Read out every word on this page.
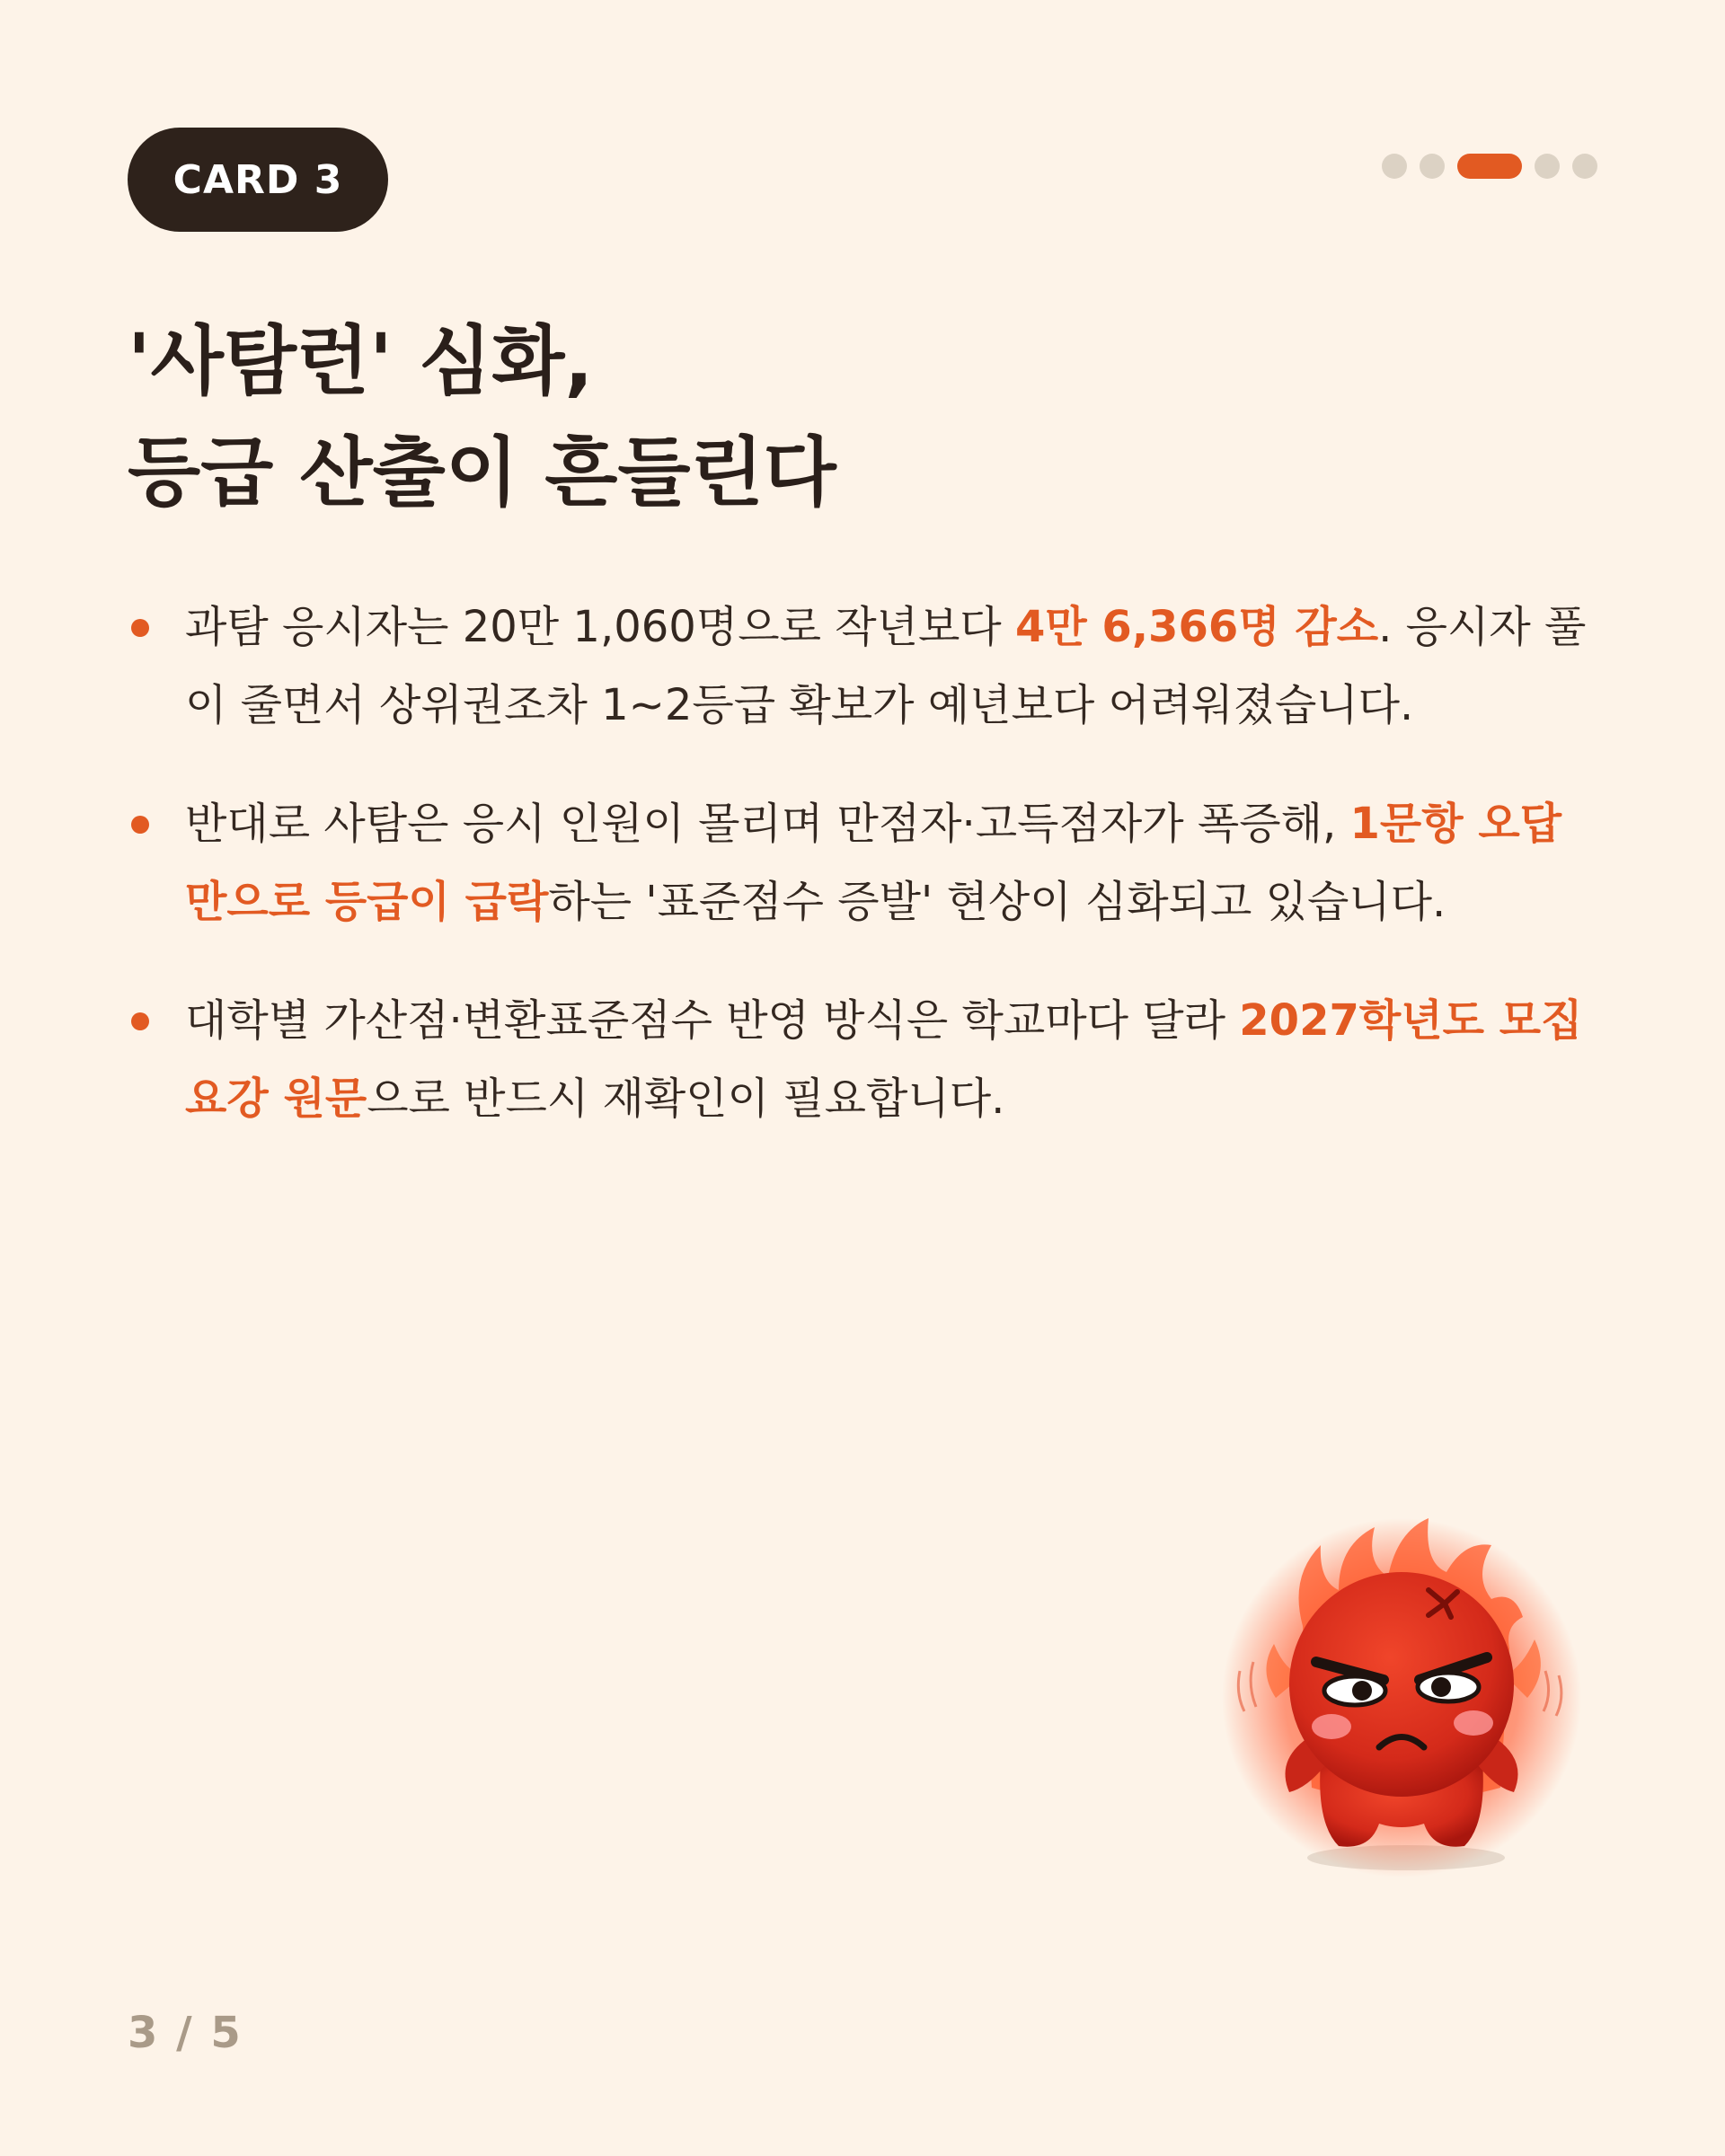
CARD 3
'사탐런' 심화,
등급 산출이 흔들린다
과탐 응시자는 20만 1,060명으로 작년보다 4만 6,366명 감소. 응시자 풀이 줄면서 상위권조차 1~2등급 확보가 예년보다 어려워졌습니다.
반대로 사탐은 응시 인원이 몰리며 만점자·고득점자가 폭증해, 1문항 오답만으로 등급이 급락하는 '표준점수 증발' 현상이 심화되고 있습니다.
대학별 가산점·변환표준점수 반영 방식은 학교마다 달라 2027학년도 모집요강 원문으로 반드시 재확인이 필요합니다.
3 / 5
